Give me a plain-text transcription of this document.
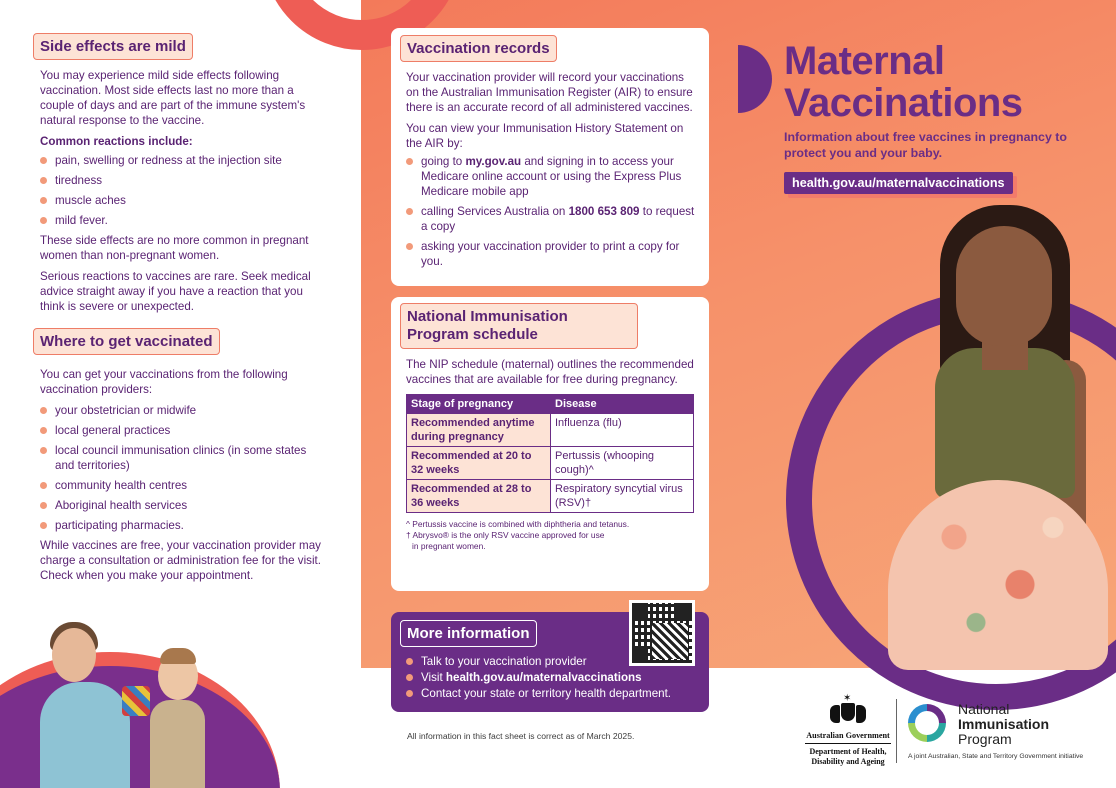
Side effects are mild

You may experience mild side effects following vaccination. Most side effects last no more than a couple of days and are part of the immune system's natural response to the vaccine.

Common reactions include:

pain, swelling or redness at the injection site
tiredness
muscle aches
mild fever.

These side effects are no more common in pregnant women than non-pregnant women.

Serious reactions to vaccines are rare. Seek medical advice straight away if you have a reaction that you think is severe or unexpected.

Where to get vaccinated

You can get your vaccinations from the following vaccination providers:

your obstetrician or midwife
local general practices
local council immunisation clinics (in some states and territories)
community health centres
Aboriginal health services
participating pharmacies.

While vaccines are free, your vaccination provider may charge a consultation or administration fee for the visit. Check when you make your appointment.

Vaccination records

Your vaccination provider will record your vaccinations on the Australian Immunisation Register (AIR) to ensure there is an accurate record of all administered vaccines.

You can view your Immunisation History Statement on the AIR by:

going to my.gov.au and signing in to access your Medicare online account or using the Express Plus Medicare mobile app
calling Services Australia on 1800 653 809 to request a copy
asking your vaccination provider to print a copy for you.
National Immunisation Program schedule

The NIP schedule (maternal) outlines the recommended vaccines that are available for free during pregnancy.

Stage of pregnancy	Disease
Recommended anytime during pregnancy	Influenza (flu)
Recommended at 20 to 32 weeks	Pertussis (whooping cough)^
Recommended at 28 to 36 weeks	Respiratory syncytial virus (RSV)†
^ Pertussis vaccine is combined with diphtheria and tetanus.
† Abrysvo® is the only RSV vaccine approved for use
in pregnant women.
More information
Talk to your vaccination provider
Visit health.gov.au/maternalvaccinations
Contact your state or territory health department.
All information in this fact sheet is correct as of March 2025.
Maternal
Vaccinations
Information about free vaccines in pregnancy to protect you and your baby.
health.gov.au/maternalvaccinations
✶
Australian Government
Department of Health,
Disability and Ageing
National
Immunisation
Program
A joint Australian, State and Territory Government initiative
